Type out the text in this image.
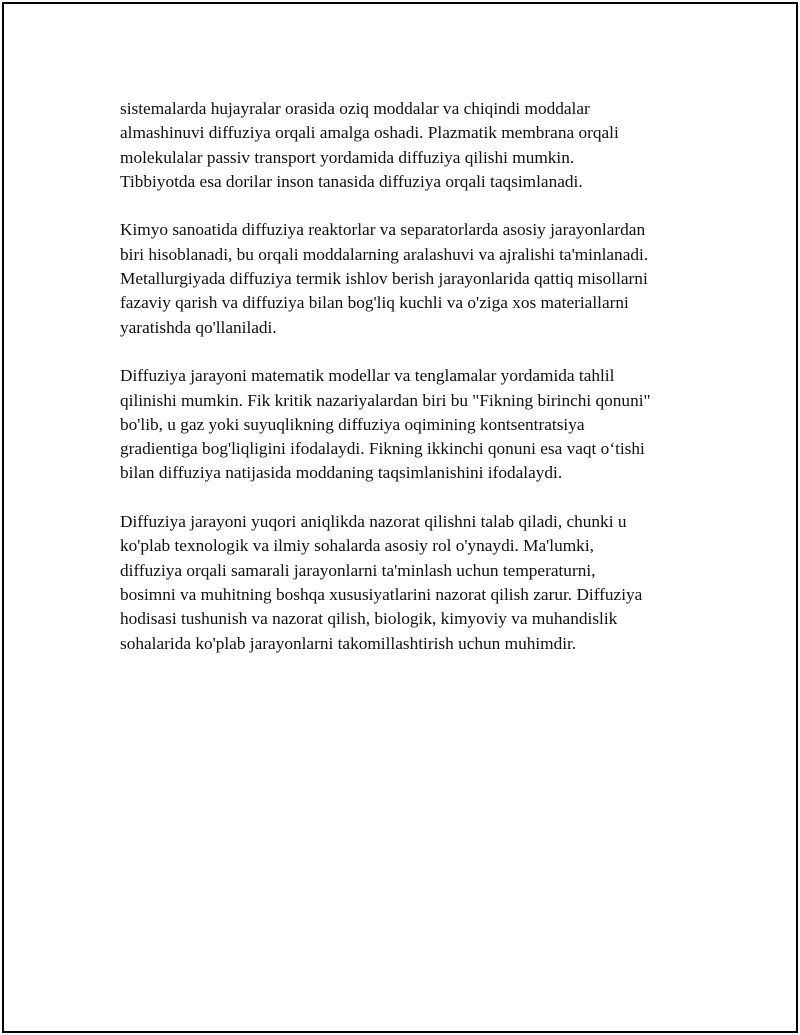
sistemalarda hujayralar orasida oziq moddalar va chiqindi moddalar
almashinuvi diffuziya orqali amalga oshadi. Plazmatik membrana orqali
molekulalar passiv transport yordamida diffuziya qilishi mumkin.
Tibbiyotda esa dorilar inson tanasida diffuziya orqali taqsimlanadi.

Kimyo sanoatida diffuziya reaktorlar va separatorlarda asosiy jarayonlardan
biri hisoblanadi, bu orqali moddalarning aralashuvi va ajralishi ta'minlanadi.
Metallurgiyada diffuziya termik ishlov berish jarayonlarida qattiq misollarni
fazaviy qarish va diffuziya bilan bog'liq kuchli va o'ziga xos materiallarni
yaratishda qo'llaniladi.

Diffuziya jarayoni matematik modellar va tenglamalar yordamida tahlil
qilinishi mumkin. Fik kritik nazariyalardan biri bu "Fikning birinchi qonuni"
bo'lib, u gaz yoki suyuqlikning diffuziya oqimining kontsentratsiya
gradientiga bog'liqligini ifodalaydi. Fikning ikkinchi qonuni esa vaqt o‘tishi
bilan diffuziya natijasida moddaning taqsimlanishini ifodalaydi.

Diffuziya jarayoni yuqori aniqlikda nazorat qilishni talab qiladi, chunki u
ko'plab texnologik va ilmiy sohalarda asosiy rol o'ynaydi. Ma'lumki,
diffuziya orqali samarali jarayonlarni ta'minlash uchun temperaturni,
bosimni va muhitning boshqa xususiyatlarini nazorat qilish zarur. Diffuziya
hodisasi tushunish va nazorat qilish, biologik, kimyoviy va muhandislik
sohalarida ko'plab jarayonlarni takomillashtirish uchun muhimdir.
